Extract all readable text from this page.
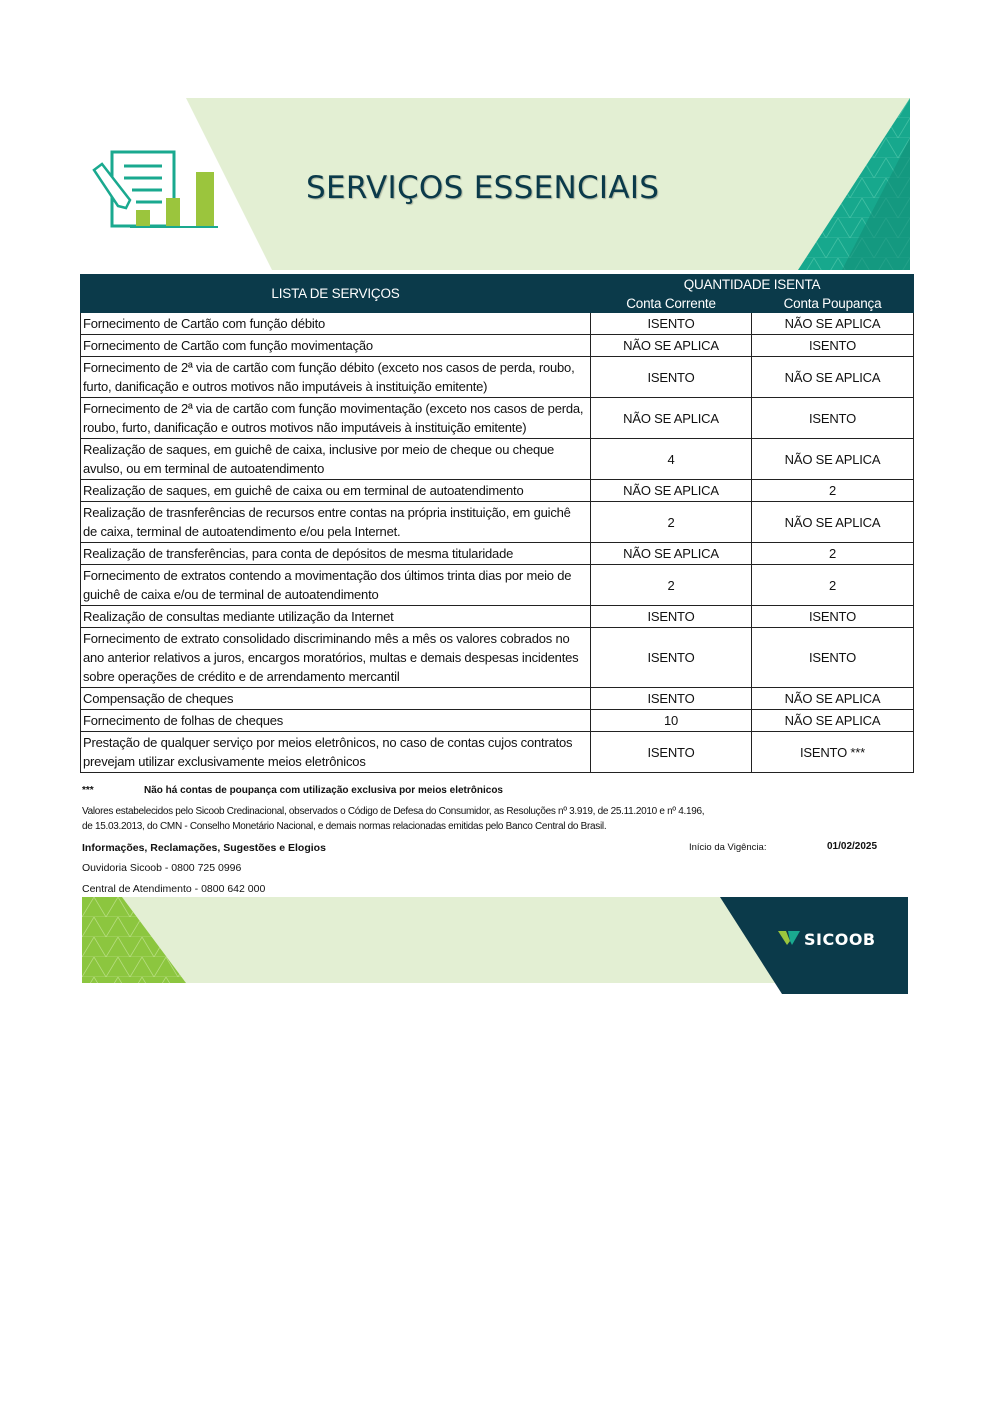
SERVIÇOS ESSENCIAIS
LISTA DE SERVIÇOS	QUANTIDADE ISENTA	
	Conta Corrente	Conta Poupança
Fornecimento de Cartão com função débito	ISENTO	NÃO SE APLICA
Fornecimento de Cartão com função movimentação	NÃO SE APLICA	ISENTO
Fornecimento de 2ª via de cartão com função débito (exceto nos casos de perda, roubo, furto, danificação e outros motivos não imputáveis à instituição emitente)	ISENTO	NÃO SE APLICA
Fornecimento de 2ª via de cartão com função movimentação (exceto nos casos de perda, roubo, furto, danificação e outros motivos não imputáveis à instituição emitente)	NÃO SE APLICA	ISENTO
Realização de saques, em guichê de caixa, inclusive por meio de cheque ou cheque avulso, ou em terminal de autoatendimento	4	NÃO SE APLICA
Realização de saques, em guichê de caixa ou em terminal de autoatendimento	NÃO SE APLICA	2
Realização de trasnferências de recursos entre contas na própria instituição, em guichê de caixa, terminal de autoatendimento e/ou pela Internet.	2	NÃO SE APLICA
Realização de transferências, para conta de depósitos de mesma titularidade	NÃO SE APLICA	2
Fornecimento de extratos contendo a movimentação dos últimos trinta dias por meio de guichê de caixa e/ou de terminal de autoatendimento	2	2
Realização de consultas mediante utilização da Internet	ISENTO	ISENTO
Fornecimento de extrato consolidado discriminando mês a mês os valores cobrados no ano anterior relativos a juros, encargos moratórios, multas e demais despesas incidentes sobre operações de crédito e de arrendamento mercantil	ISENTO	ISENTO
Compensação de cheques	ISENTO	NÃO SE APLICA
Fornecimento de folhas de cheques	10	NÃO SE APLICA
Prestação de qualquer serviço por meios eletrônicos, no caso de contas cujos contratos prevejam utilizar exclusivamente meios eletrônicos	ISENTO	ISENTO ***
***	Não há contas de poupança com utilização exclusiva por meios eletrônicos
Valores estabelecidos pelo Sicoob Credinacional, observados o Código de Defesa do Consumidor, as Resoluções nº 3.919, de 25.11.2010 e nº 4.196,
de 15.03.2013, do CMN - Conselho Monetário Nacional, e demais normas relacionadas emitidas pelo Banco Central do Brasil.
Informações, Reclamações, Sugestões e Elogios
Ouvidoria Sicoob - 0800 725 0996
Central de Atendimento - 0800 642 000
Início da Vigência:	01/02/2025
SICOOB
